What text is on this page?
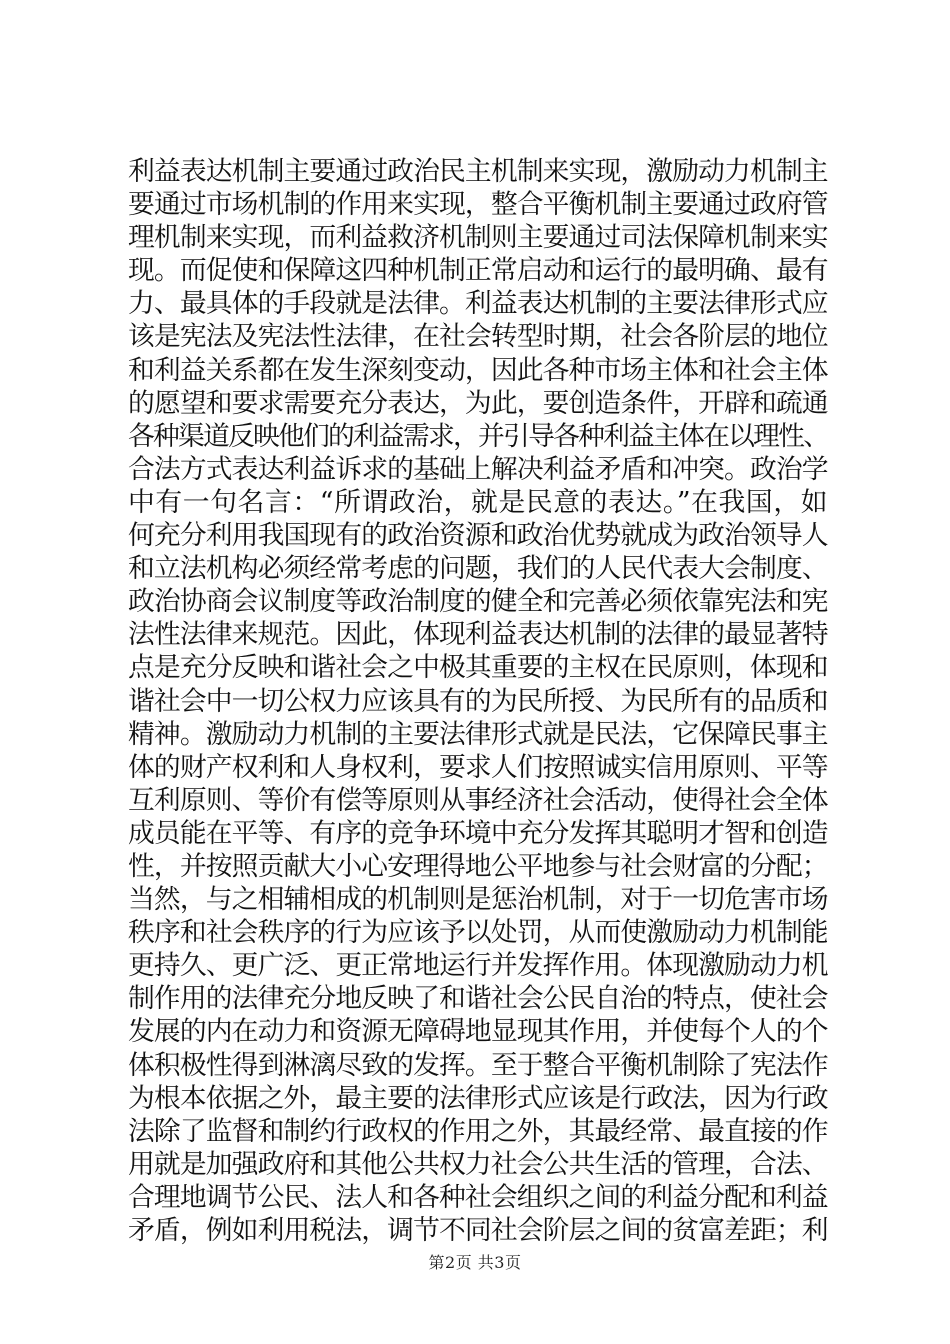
利益表达机制主要通过政治民主机制来实现，激励动力机制主
要通过市场机制的作用来实现，整合平衡机制主要通过政府管
理机制来实现，而利益救济机制则主要通过司法保障机制来实
现。而促使和保障这四种机制正常启动和运行的最明确、最有
力、最具体的手段就是法律。利益表达机制的主要法律形式应
该是宪法及宪法性法律，在社会转型时期，社会各阶层的地位
和利益关系都在发生深刻变动，因此各种市场主体和社会主体
的愿望和要求需要充分表达，为此，要创造条件，开辟和疏通
各种渠道反映他们的利益需求，并引导各种利益主体在以理性、
合法方式表达利益诉求的基础上解决利益矛盾和冲突。政治学
中有一句名言：“所谓政治，就是民意的表达。”在我国，如
何充分利用我国现有的政治资源和政治优势就成为政治领导人
和立法机构必须经常考虑的问题，我们的人民代表大会制度、
政治协商会议制度等政治制度的健全和完善必须依靠宪法和宪
法性法律来规范。因此，体现利益表达机制的法律的最显著特
点是充分反映和谐社会之中极其重要的主权在民原则，体现和
谐社会中一切公权力应该具有的为民所授、为民所有的品质和
精神。激励动力机制的主要法律形式就是民法，它保障民事主
体的财产权利和人身权利，要求人们按照诚实信用原则、平等
互利原则、等价有偿等原则从事经济社会活动，使得社会全体
成员能在平等、有序的竞争环境中充分发挥其聪明才智和创造
性，并按照贡献大小心安理得地公平地参与社会财富的分配；
当然，与之相辅相成的机制则是惩治机制，对于一切危害市场
秩序和社会秩序的行为应该予以处罚，从而使激励动力机制能
更持久、更广泛、更正常地运行并发挥作用。体现激励动力机
制作用的法律充分地反映了和谐社会公民自治的特点，使社会
发展的内在动力和资源无障碍地显现其作用，并使每个人的个
体积极性得到淋漓尽致的发挥。至于整合平衡机制除了宪法作
为根本依据之外，最主要的法律形式应该是行政法，因为行政
法除了监督和制约行政权的作用之外，其最经常、最直接的作
用就是加强政府和其他公共权力社会公共生活的管理，合法、
合理地调节公民、法人和各种社会组织之间的利益分配和利益
矛盾，例如利用税法，调节不同社会阶层之间的贫富差距；利
第2页 共3页
